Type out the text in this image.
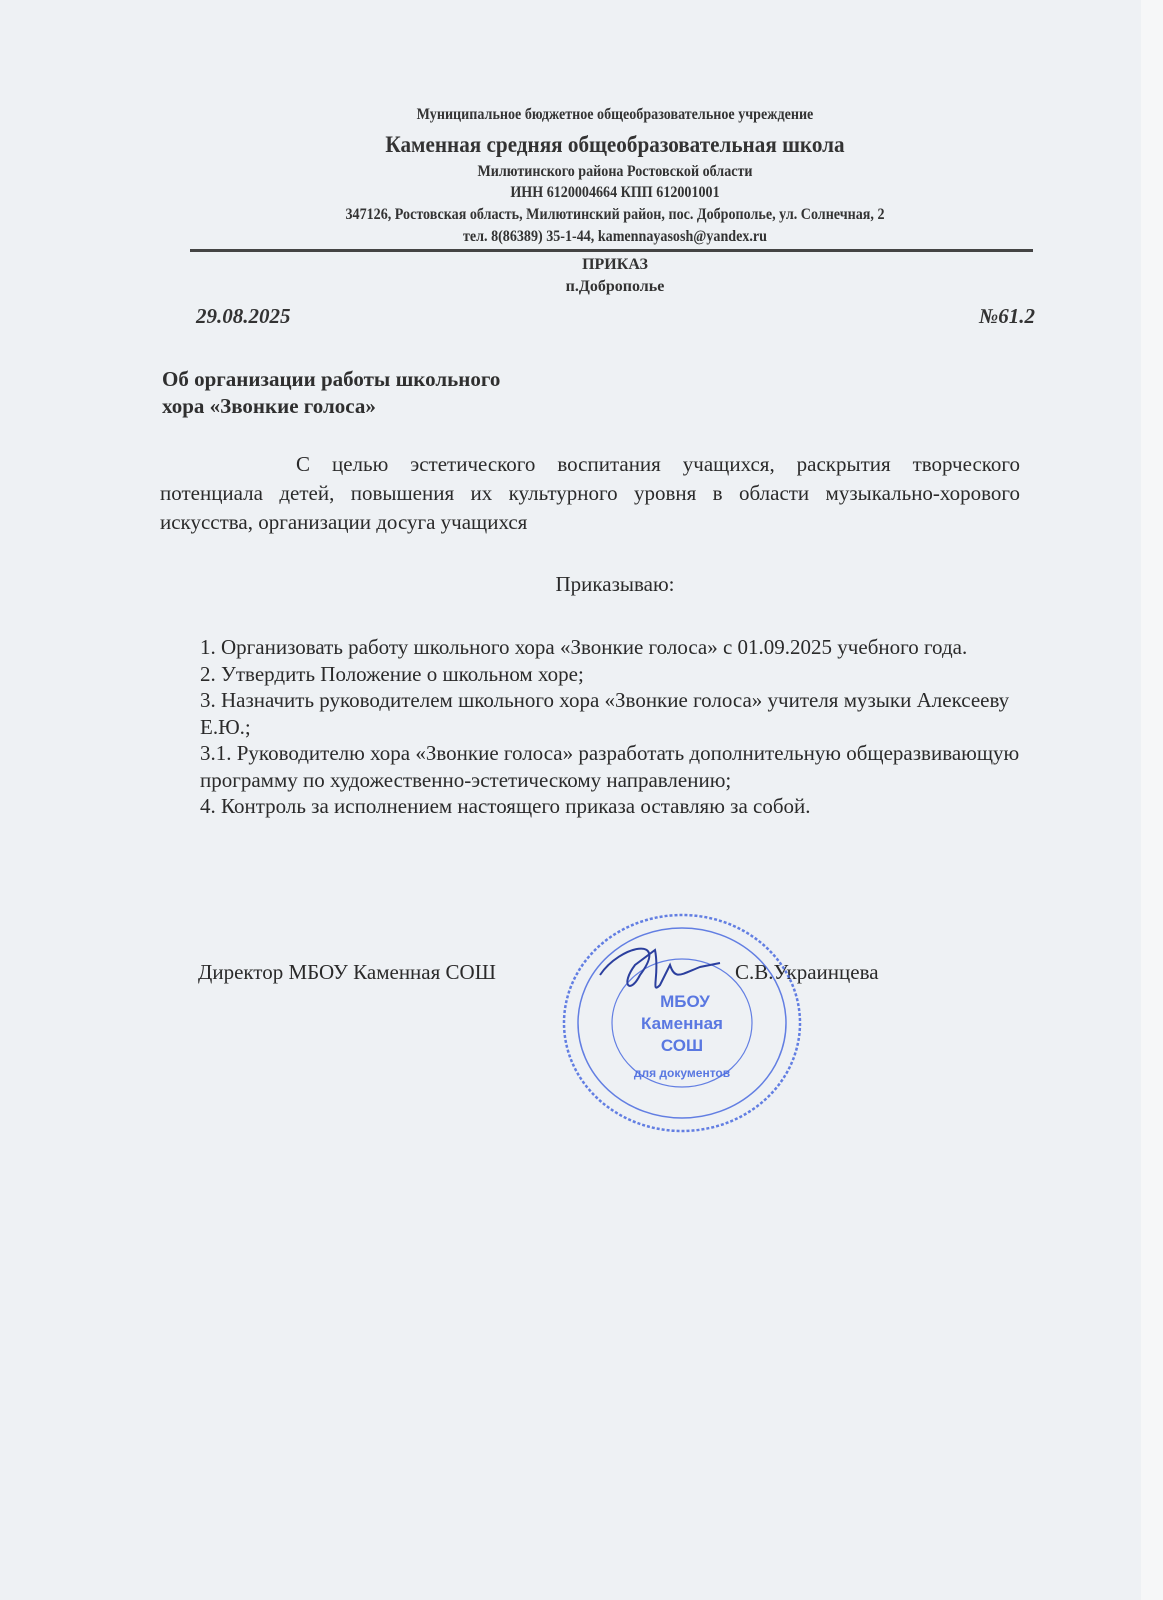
Муниципальное бюджетное общеобразовательное учреждение
Каменная средняя общеобразовательная школа
Милютинского района Ростовской области
ИНН 6120004664 КПП 612001001
347126, Ростовская область, Милютинский район, пос. Доброполье, ул. Солнечная, 2
тел. 8(86389) 35-1-44, kamennayasosh@yandex.ru
ПРИКАЗ
п.Доброполье
29.08.2025	№61.2
Об организации работы школьного
хора «Звонкие голоса»
С целью эстетического воспитания учащихся, раскрытия творческого потенциала детей, повышения их культурного уровня в области музыкально-хорового искусства, организации досуга учащихся
Приказываю:
1. Организовать работу школьного хора «Звонкие голоса» с 01.09.2025 учебного года.
2. Утвердить Положение о школьном хоре;
3. Назначить руководителем школьного хора «Звонкие голоса» учителя музыки Алексееву Е.Ю.;
3.1. Руководителю хора «Звонкие голоса» разработать дополнительную общеразвивающую программу по художественно-эстетическому направлению;
4. Контроль за исполнением настоящего приказа оставляю за собой.
Директор МБОУ Каменная СОШ	С.В.Украинцева
МБОУ
Каменная
СОШ
для документов
